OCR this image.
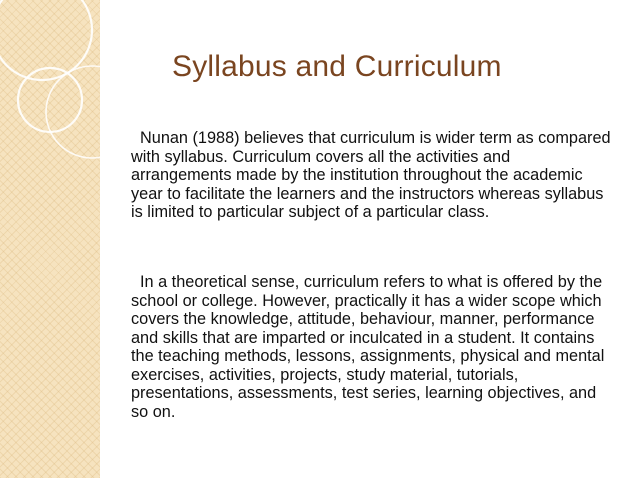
Syllabus and Curriculum

Nunan (1988) believes that curriculum is wider term as compared with syllabus. Curriculum covers all the activities and arrangements made by the institution throughout the academic year to facilitate the learners and the instructors whereas syllabus is limited to particular subject of a particular class.

In a theoretical sense, curriculum refers to what is offered by the school or college. However, practically it has a wider scope which covers the knowledge, attitude, behaviour, manner, performance and skills that are imparted or inculcated in a student. It contains the teaching methods, lessons, assignments, physical and mental exercises, activities, projects, study material, tutorials, presentations, assessments, test series, learning objectives, and so on.
